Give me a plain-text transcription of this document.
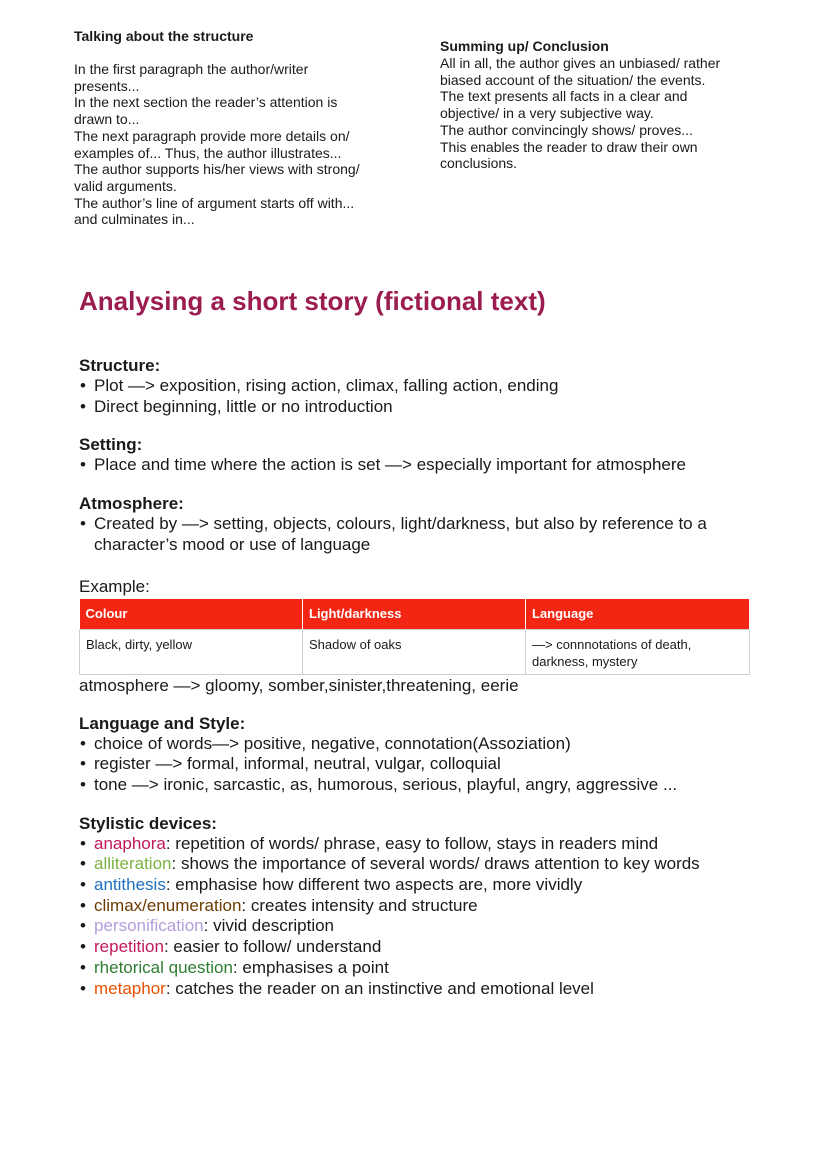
Talking about the structure

In the first paragraph the author/writer

presents...

In the next section the reader’s attention is

drawn to...

The next paragraph provide more details on/

examples of... Thus, the author illustrates...

The author supports his/her views with strong/

valid arguments.

The author’s line of argument starts off with...

and culminates in...

Summing up/ Conclusion

All in all, the author gives an unbiased/ rather

biased account of the situation/ the events.

The text presents all facts in a clear and

objective/ in a very subjective way.

The author convincingly shows/ proves...

This enables the reader to draw their own

conclusions.

Analysing a short story (fictional text)
Structure:
• Plot —> exposition, rising action, climax, falling action, ending
• Direct beginning, little or no introduction
Setting:
• Place and time where the action is set —> especially important for atmosphere
Atmosphere:
• Created by —> setting, objects, colours, light/darkness, but also by reference to a character’s mood or use of language
Example:
Colour	Light/darkness	Language
Black, dirty, yellow	Shadow of oaks	—> connnotations of death, darkness, mystery
atmosphere —> gloomy, somber,sinister,threatening, eerie
Language and Style:
• choice of words—> positive, negative, connotation(Assoziation)
• register —> formal, informal, neutral, vulgar, colloquial
• tone —> ironic, sarcastic, as, humorous, serious, playful, angry, aggressive ...
Stylistic devices:
• anaphora: repetition of words/ phrase, easy to follow, stays in readers mind
• alliteration: shows the importance of several words/ draws attention to key words
• antithesis: emphasise how different two aspects are, more vividly
• climax/enumeration: creates intensity and structure
• personification: vivid description
• repetition: easier to follow/ understand
• rhetorical question: emphasises a point
• metaphor: catches the reader on an instinctive and emotional level
